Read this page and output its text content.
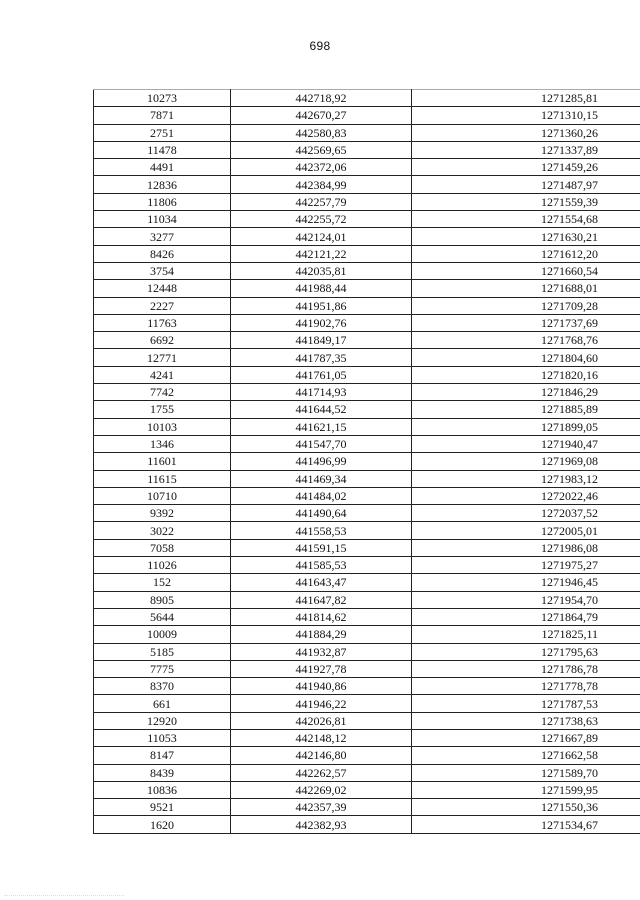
698
10273	442718,92	1271285,81
7871	442670,27	1271310,15
2751	442580,83	1271360,26
11478	442569,65	1271337,89
4491	442372,06	1271459,26
12836	442384,99	1271487,97
11806	442257,79	1271559,39
11034	442255,72	1271554,68
3277	442124,01	1271630,21
8426	442121,22	1271612,20
3754	442035,81	1271660,54
12448	441988,44	1271688,01
2227	441951,86	1271709,28
11763	441902,76	1271737,69
6692	441849,17	1271768,76
12771	441787,35	1271804,60
4241	441761,05	1271820,16
7742	441714,93	1271846,29
1755	441644,52	1271885,89
10103	441621,15	1271899,05
1346	441547,70	1271940,47
11601	441496,99	1271969,08
11615	441469,34	1271983,12
10710	441484,02	1272022,46
9392	441490,64	1272037,52
3022	441558,53	1272005,01
7058	441591,15	1271986,08
11026	441585,53	1271975,27
152	441643,47	1271946,45
8905	441647,82	1271954,70
5644	441814,62	1271864,79
10009	441884,29	1271825,11
5185	441932,87	1271795,63
7775	441927,78	1271786,78
8370	441940,86	1271778,78
661	441946,22	1271787,53
12920	442026,81	1271738,63
11053	442148,12	1271667,89
8147	442146,80	1271662,58
8439	442262,57	1271589,70
10836	442269,02	1271599,95
9521	442357,39	1271550,36
1620	442382,93	1271534,67
